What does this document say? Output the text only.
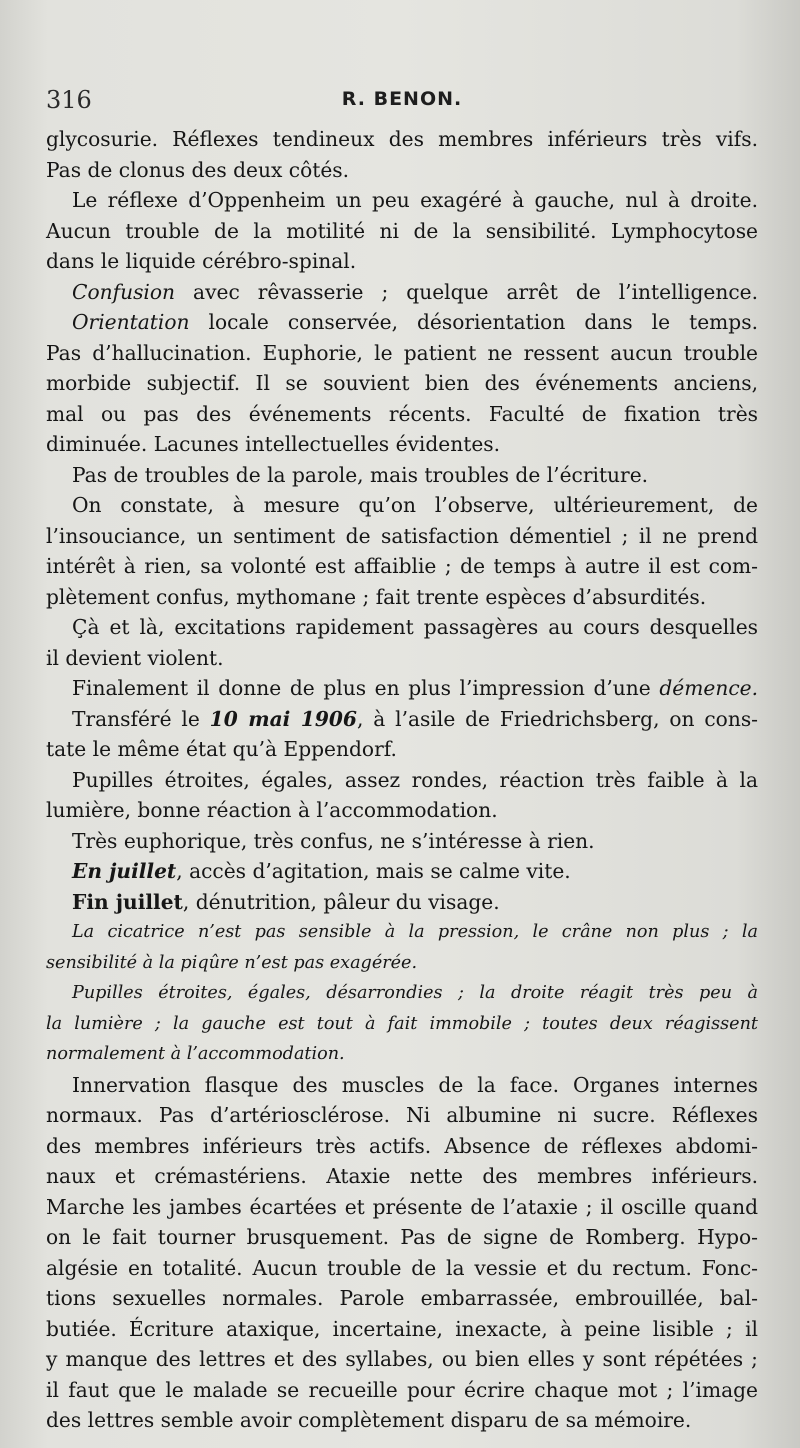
316	R. BENON.
glycosurie. Réflexes tendineux des membres inférieurs très vifs.
Pas de clonus des deux côtés.
Le réflexe d’Oppenheim un peu exagéré à gauche, nul à droite.
Aucun trouble de la motilité ni de la sensibilité. Lymphocytose
dans le liquide cérébro-spinal.
Confusion avec rêvasserie ; quelque arrêt de l’intelligence.
Orientation locale conservée, désorientation dans le temps.
Pas d’hallucination. Euphorie, le patient ne ressent aucun trouble
morbide subjectif. Il se souvient bien des événements anciens,
mal ou pas des événements récents. Faculté de fixation très
diminuée. Lacunes intellectuelles évidentes.
Pas de troubles de la parole, mais troubles de l’écriture.
On constate, à mesure qu’on l’observe, ultérieurement, de
l’insouciance, un sentiment de satisfaction démentiel ; il ne prend
intérêt à rien, sa volonté est affaiblie ; de temps à autre il est com-
plètement confus, mythomane ; fait trente espèces d’absurdités.
Çà et là, excitations rapidement passagères au cours desquelles
il devient violent.
Finalement il donne de plus en plus l’impression d’une démence.
Transféré le 10 mai 1906, à l’asile de Friedrichsberg, on cons-
tate le même état qu’à Eppendorf.
Pupilles étroites, égales, assez rondes, réaction très faible à la
lumière, bonne réaction à l’accommodation.
Très euphorique, très confus, ne s’intéresse à rien.
En juillet, accès d’agitation, mais se calme vite.
Fin juillet, dénutrition, pâleur du visage.
La cicatrice n’est pas sensible à la pression, le crâne non plus ; la
sensibilité à la piqûre n’est pas exagérée.
Pupilles étroites, égales, désarrondies ; la droite réagit très peu à
la lumière ; la gauche est tout à fait immobile ; toutes deux réagissent
normalement à l’accommodation.
Innervation flasque des muscles de la face. Organes internes
normaux. Pas d’artériosclérose. Ni albumine ni sucre. Réflexes
des membres inférieurs très actifs. Absence de réflexes abdomi-
naux et crémastériens. Ataxie nette des membres inférieurs.
Marche les jambes écartées et présente de l’ataxie ; il oscille quand
on le fait tourner brusquement. Pas de signe de Romberg. Hypo-
algésie en totalité. Aucun trouble de la vessie et du rectum. Fonc-
tions sexuelles normales. Parole embarrassée, embrouillée, bal-
butiée. Écriture ataxique, incertaine, inexacte, à peine lisible ; il
y manque des lettres et des syllabes, ou bien elles y sont répétées ;
il faut que le malade se recueille pour écrire chaque mot ; l’image
des lettres semble avoir complètement disparu de sa mémoire.
